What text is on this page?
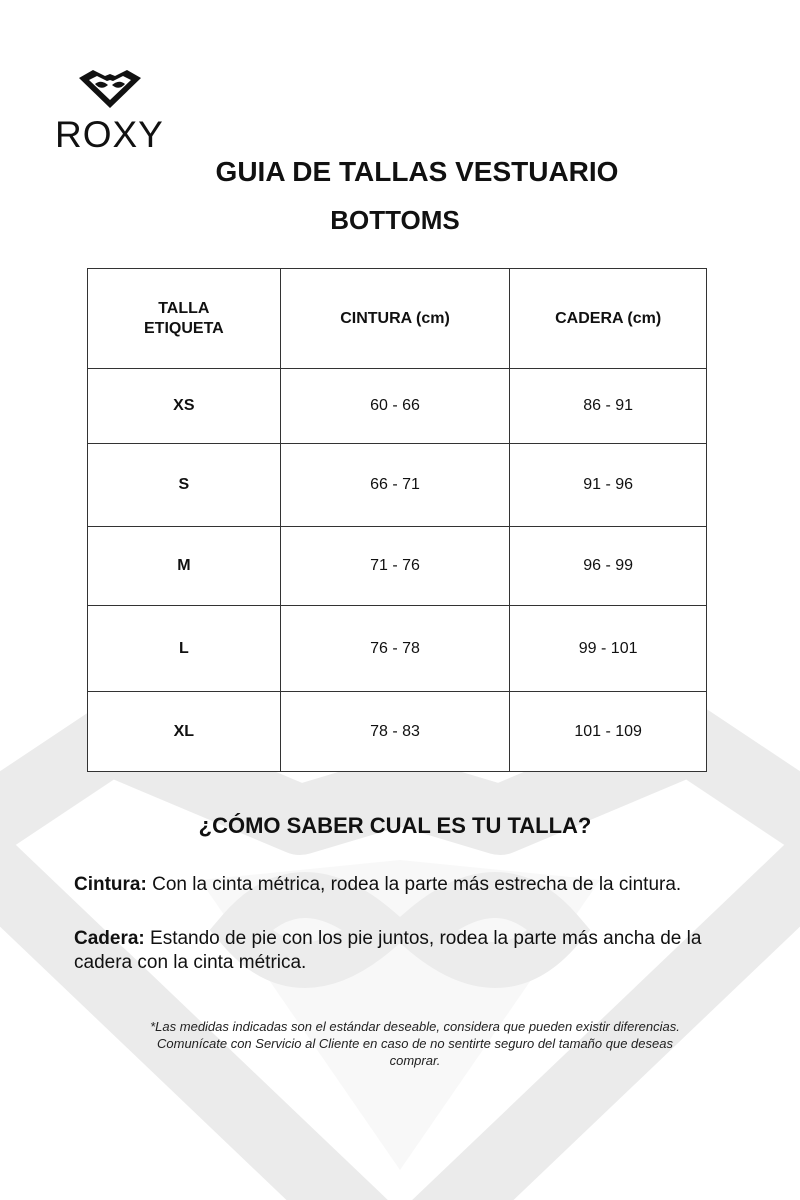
ROXY
GUIA DE TALLAS VESTUARIO
BOTTOMS
TALLA
ETIQUETA	CINTURA (cm)	CADERA (cm)
XS	60 - 66	86 - 91
S	66 - 71	91 - 96
M	71 - 76	96 - 99
L	76 - 78	99 - 101
XL	78 - 83	101 - 109
¿CÓMO SABER CUAL ES TU TALLA?
Cintura: Con la cinta métrica, rodea la parte más estrecha de la cintura.
Cadera: Estando de pie con los pie juntos, rodea la parte más ancha de la cadera con la cinta métrica.
*Las medidas indicadas son el estándar deseable, considera que pueden existir diferencias. Comunícate con Servicio al Cliente en caso de no sentirte seguro del tamaño que deseas comprar.
